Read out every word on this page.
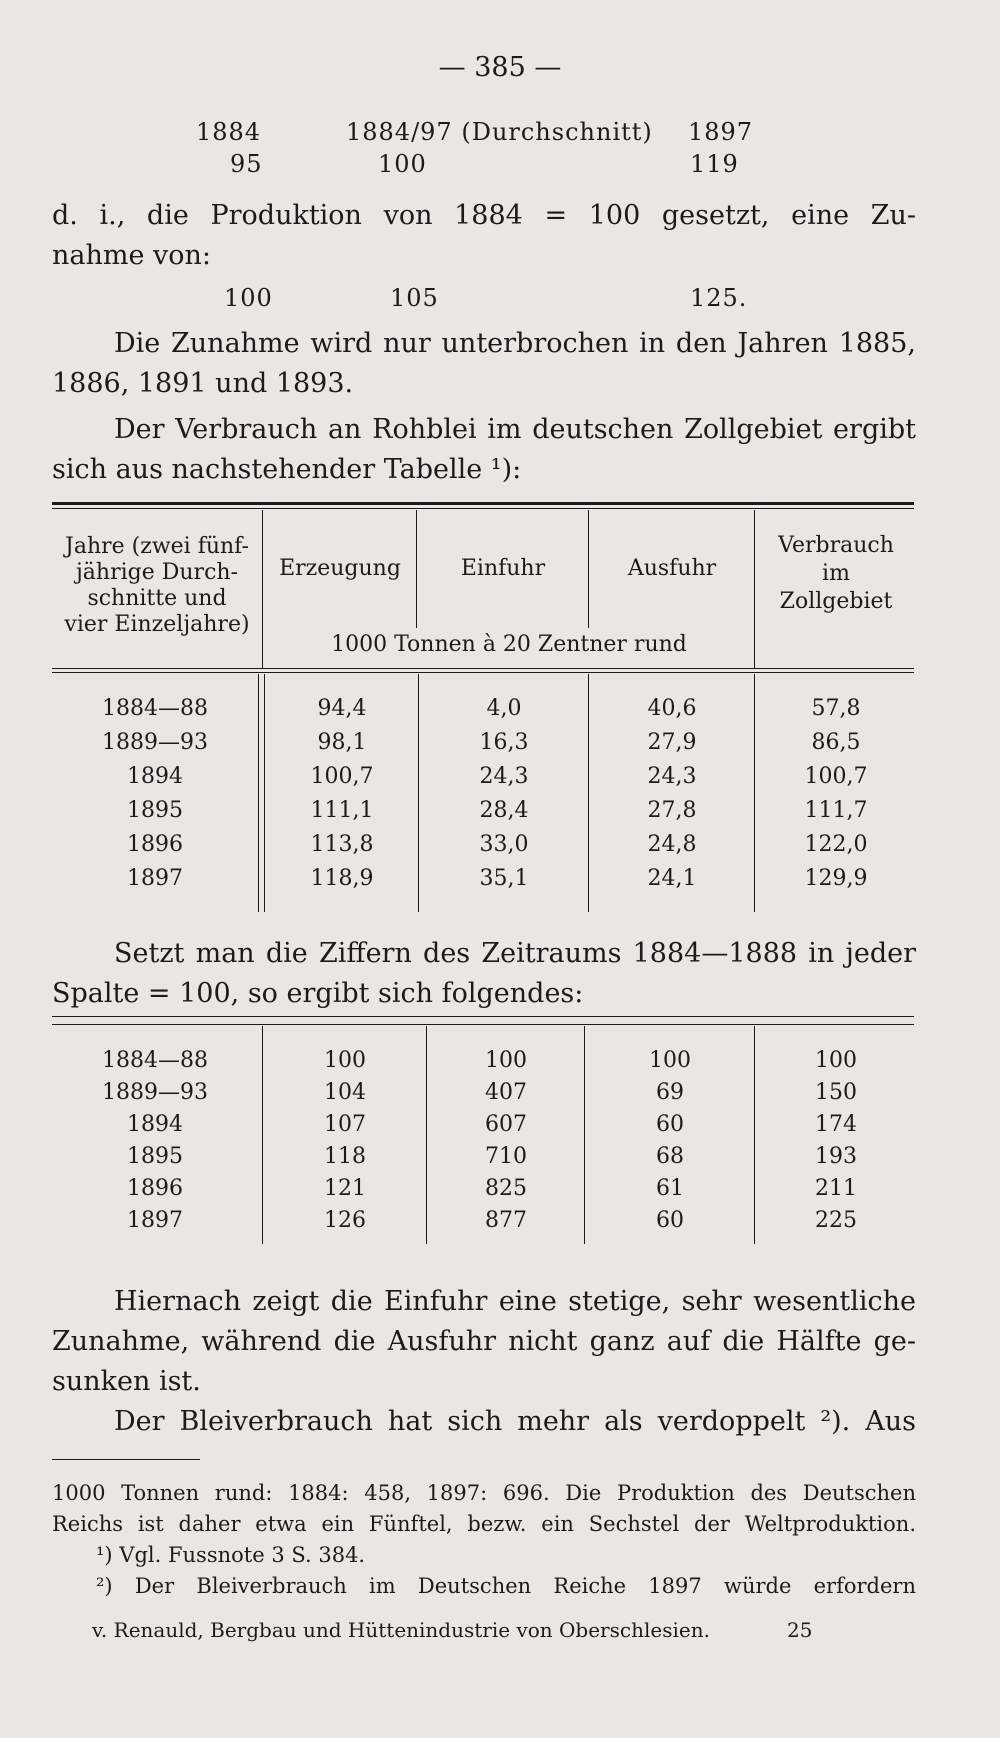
— 385 —
1884	1884/97 (Durchschnitt) 1897
95	100	119

d. i., die Produktion von 1884 = 100 gesetzt, eine Zu-
nahme von:

100	105	125.

Die Zunahme wird nur unterbrochen in den Jahren 1885,
1886, 1891 und 1893.

Der Verbrauch an Rohblei im deutschen Zollgebiet ergibt
sich aus nachstehender Tabelle ¹):

Jahre (zwei fünf-
jährige Durch-
schnitte und
vier Einzeljahre)
Erzeugung	Einfuhr	Ausfuhr
Verbrauch
im
Zollgebiet
1000 Tonnen à 20 Zentner rund
1884—88	94,4	4,0	40,6	57,8
1889—93	98,1	16,3	27,9	86,5
1894	100,7	24,3	24,3	100,7
1895	111,1	28,4	27,8	111,7
1896	113,8	33,0	24,8	122,0
1897	118,9	35,1	24,1	129,9

Setzt man die Ziffern des Zeitraums 1884—1888 in jeder
Spalte = 100, so ergibt sich folgendes:

1884—88	100	100	100	100
1889—93	104	407	69	150
1894	107	607	60	174
1895	118	710	68	193
1896	121	825	61	211
1897	126	877	60	225

Hiernach zeigt die Einfuhr eine stetige, sehr wesentliche
Zunahme, während die Ausfuhr nicht ganz auf die Hälfte ge-
sunken ist.

Der Bleiverbrauch hat sich mehr als verdoppelt ²). Aus

1000 Tonnen rund: 1884: 458, 1897: 696. Die Produktion des Deutschen
Reichs ist daher etwa ein Fünftel, bezw. ein Sechstel der Weltproduktion.
¹) Vgl. Fussnote 3 S. 384.
²) Der Bleiverbrauch im Deutschen Reiche 1897 würde erfordern
v. Renauld, Bergbau und Hüttenindustrie von Oberschlesien.	25
